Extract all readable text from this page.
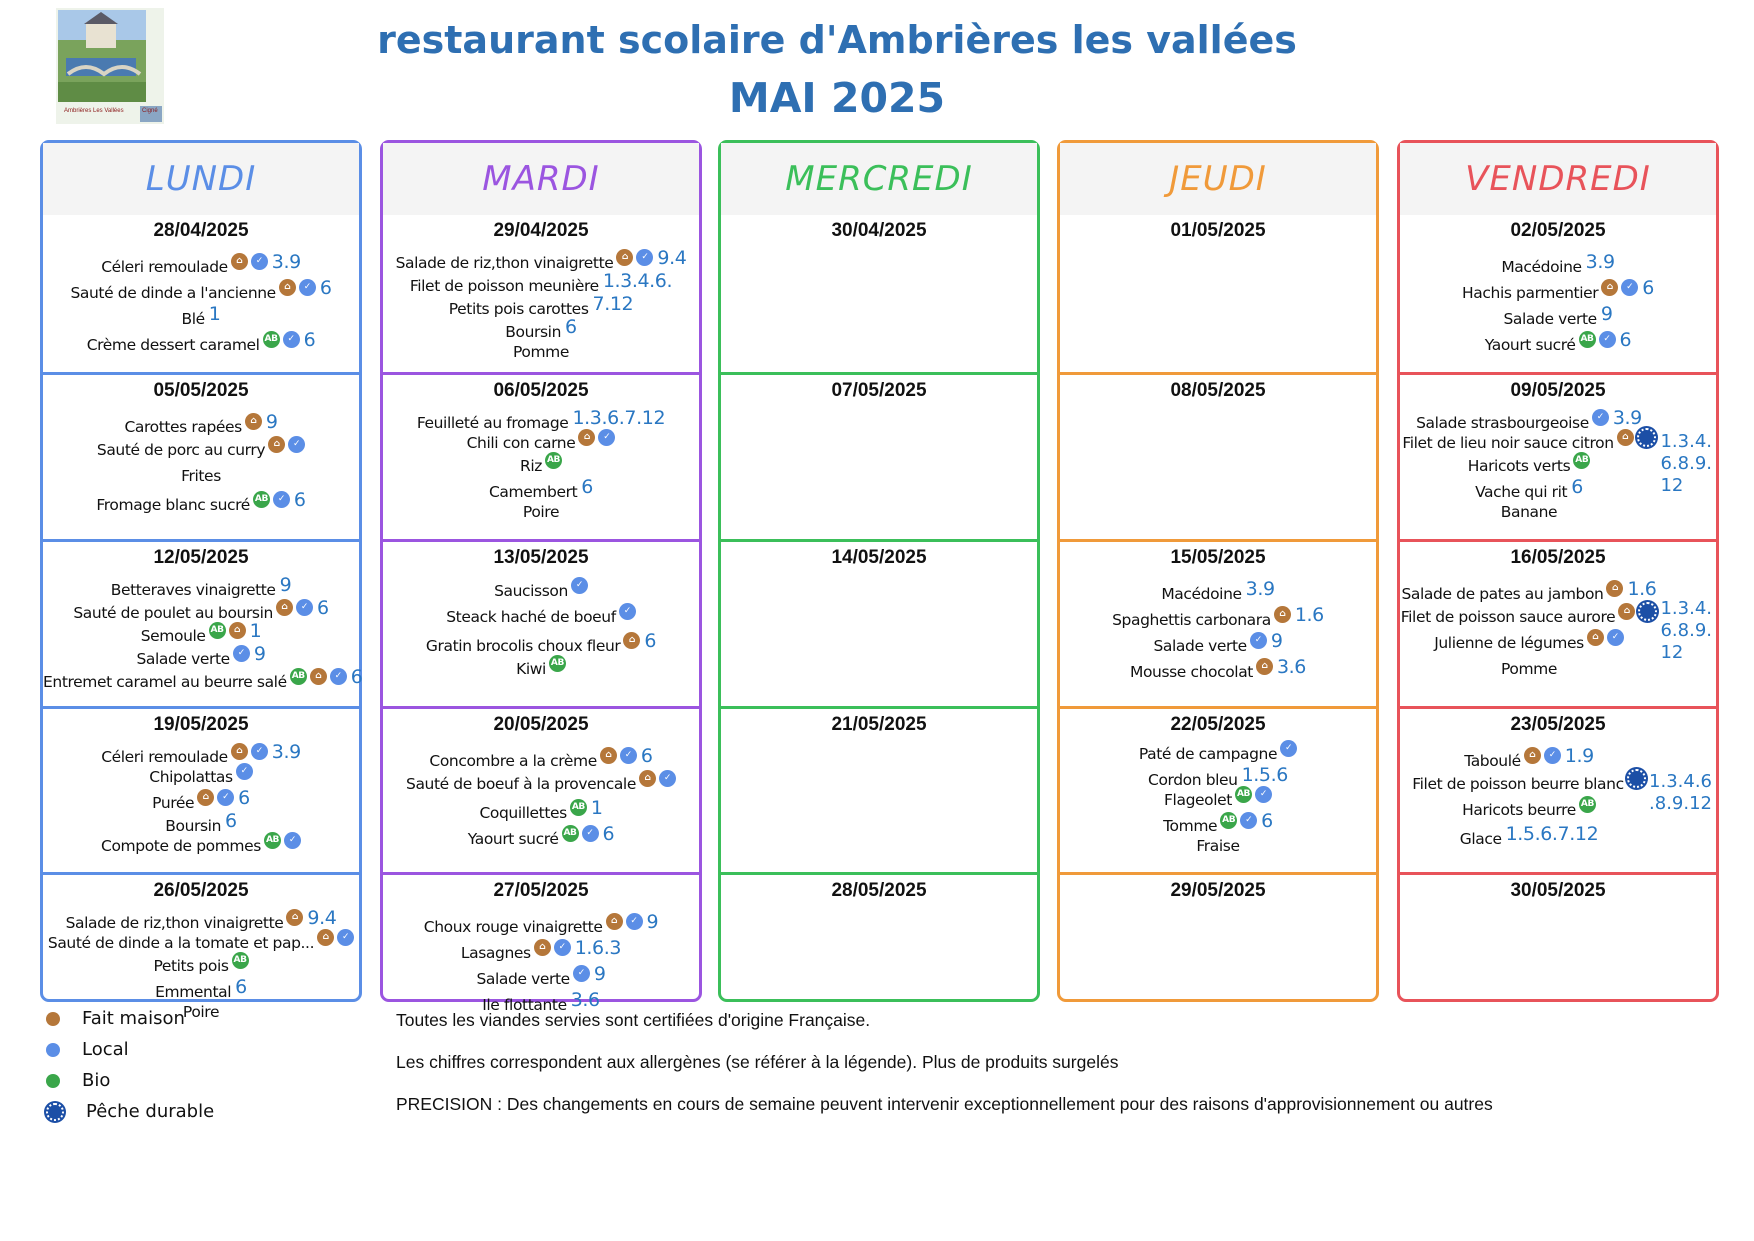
Ambrières Les Vallées	Cigné
restaurant scolaire d'Ambrières les vallées
MAI 2025
LUNDI
28/04/2025
Céleri remoulade ⌂ ✓ 3.9
Sauté de dinde a l'ancienne ⌂ ✓ 6
Blé 1
Crème dessert caramel AB ✓ 6
05/05/2025
Carottes rapées ⌂ 9
Sauté de porc au curry ⌂ ✓
Frites
Fromage blanc sucré AB ✓ 6
12/05/2025
Betteraves vinaigrette 9
Sauté de poulet au boursin ⌂ ✓ 6
Semoule AB ⌂ 1
Salade verte ✓ 9
Entremet caramel au beurre salé AB ⌂ ✓ 6
19/05/2025
Céleri remoulade ⌂ ✓ 3.9
Chipolattas ✓
Purée ⌂ ✓ 6
Boursin 6
Compote de pommes AB ✓
26/05/2025
Salade de riz,thon vinaigrette ⌂ 9.4
Sauté de dinde a la tomate et pap... ⌂ ✓
Petits pois AB
Emmental 6
Poire
MARDI
29/04/2025
Salade de riz,thon vinaigrette ⌂ ✓ 9.4
Filet de poisson meunière 1.3.4.6.
Petits pois carottes 7.12
Boursin 6
Pomme
06/05/2025
Feuilleté au fromage 1.3.6.7.12
Chili con carne ⌂ ✓
Riz AB
Camembert 6
Poire
13/05/2025
Saucisson ✓
Steack haché de boeuf ✓
Gratin brocolis choux fleur ⌂ 6
Kiwi AB
20/05/2025
Concombre a la crème ⌂ ✓ 6
Sauté de boeuf à la provencale ⌂ ✓
Coquillettes AB 1
Yaourt sucré AB ✓ 6
27/05/2025
Choux rouge vinaigrette ⌂ ✓ 9
Lasagnes ⌂ ✓ 1.6.3
Salade verte ✓ 9
Ile flottante 3.6
MERCREDI
30/04/2025
07/05/2025
14/05/2025
21/05/2025
28/05/2025
JEUDI
01/05/2025
08/05/2025
15/05/2025
Macédoine 3.9
Spaghettis carbonara ⌂ 1.6
Salade verte ✓ 9
Mousse chocolat ⌂ 3.6
22/05/2025
Paté de campagne ✓
Cordon bleu 1.5.6
Flageolet AB ✓
Tomme AB ✓ 6
Fraise
29/05/2025
VENDREDI
02/05/2025
Macédoine 3.9
Hachis parmentier ⌂ ✓ 6
Salade verte 9
Yaourt sucré AB ✓ 6
09/05/2025
Salade strasbourgeoise ✓ 3.9
Filet de lieu noir sauce citron ⌂
Haricots verts AB
Vache qui rit 6
Banane
1.3.4.
6.8.9.
12
16/05/2025
Salade de pates au jambon ⌂ 1.6
Filet de poisson sauce aurore ⌂
Julienne de légumes ⌂ ✓
Pomme
1.3.4.
6.8.9.
12
23/05/2025
Taboulé ⌂ ✓ 1.9
Filet de poisson beurre blanc
Haricots beurre AB
Glace 1.5.6.7.12
1.3.4.6
.8.9.12
30/05/2025
Fait maison
Local
Bio
Pêche durable
Toutes les viandes servies sont certifiées d'origine Française.
Les chiffres correspondent aux allergènes (se référer à la légende). Plus de produits surgelés
PRECISION : Des changements en cours de semaine peuvent intervenir exceptionnellement pour des raisons d'approvisionnement ou autres
